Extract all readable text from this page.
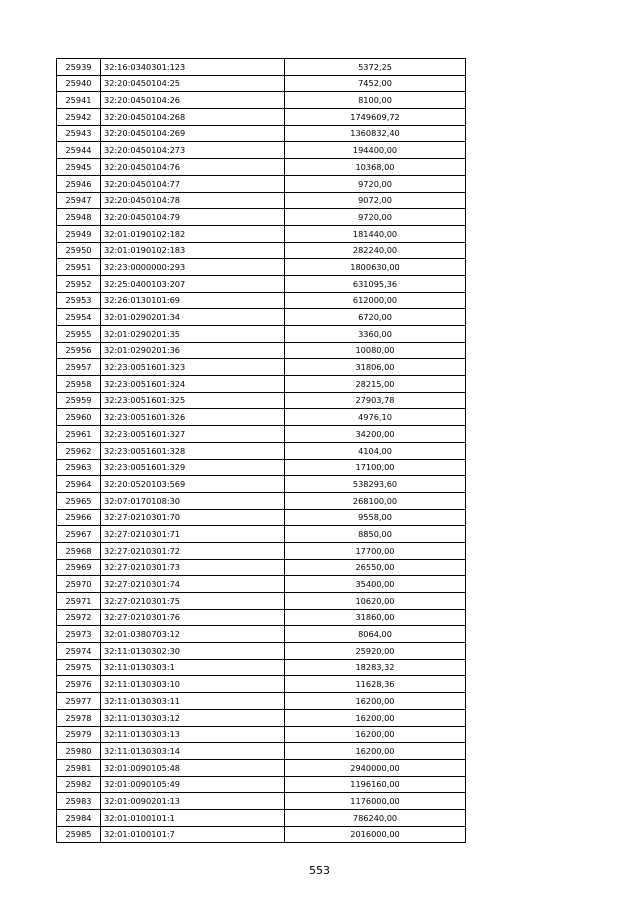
25939	32:16:0340301:123	5372,25
25940	32:20:0450104:25	7452,00
25941	32:20:0450104:26	8100,00
25942	32:20:0450104:268	1749609,72
25943	32:20:0450104:269	1360832,40
25944	32:20:0450104:273	194400,00
25945	32:20:0450104:76	10368,00
25946	32:20:0450104:77	9720,00
25947	32:20:0450104:78	9072,00
25948	32:20:0450104:79	9720,00
25949	32:01:0190102:182	181440,00
25950	32:01:0190102:183	282240,00
25951	32:23:0000000:293	1800630,00
25952	32:25:0400103:207	631095,36
25953	32:26:0130101:69	612000,00
25954	32:01:0290201:34	6720,00
25955	32:01:0290201:35	3360,00
25956	32:01:0290201:36	10080,00
25957	32:23:0051601:323	31806,00
25958	32:23:0051601:324	28215,00
25959	32:23:0051601:325	27903,78
25960	32:23:0051601:326	4976,10
25961	32:23:0051601:327	34200,00
25962	32:23:0051601:328	4104,00
25963	32:23:0051601:329	17100,00
25964	32:20:0520103:569	538293,60
25965	32:07:0170108:30	268100,00
25966	32:27:0210301:70	9558,00
25967	32:27:0210301:71	8850,00
25968	32:27:0210301:72	17700,00
25969	32:27:0210301:73	26550,00
25970	32:27:0210301:74	35400,00
25971	32:27:0210301:75	10620,00
25972	32:27:0210301:76	31860,00
25973	32:01:0380703:12	8064,00
25974	32:11:0130302:30	25920,00
25975	32:11:0130303:1	18283,32
25976	32:11:0130303:10	11628,36
25977	32:11:0130303:11	16200,00
25978	32:11:0130303:12	16200,00
25979	32:11:0130303:13	16200,00
25980	32:11:0130303:14	16200,00
25981	32:01:0090105:48	2940000,00
25982	32:01:0090105:49	1196160,00
25983	32:01:0090201:13	1176000,00
25984	32:01:0100101:1	786240,00
25985	32:01:0100101:7	2016000,00
553
